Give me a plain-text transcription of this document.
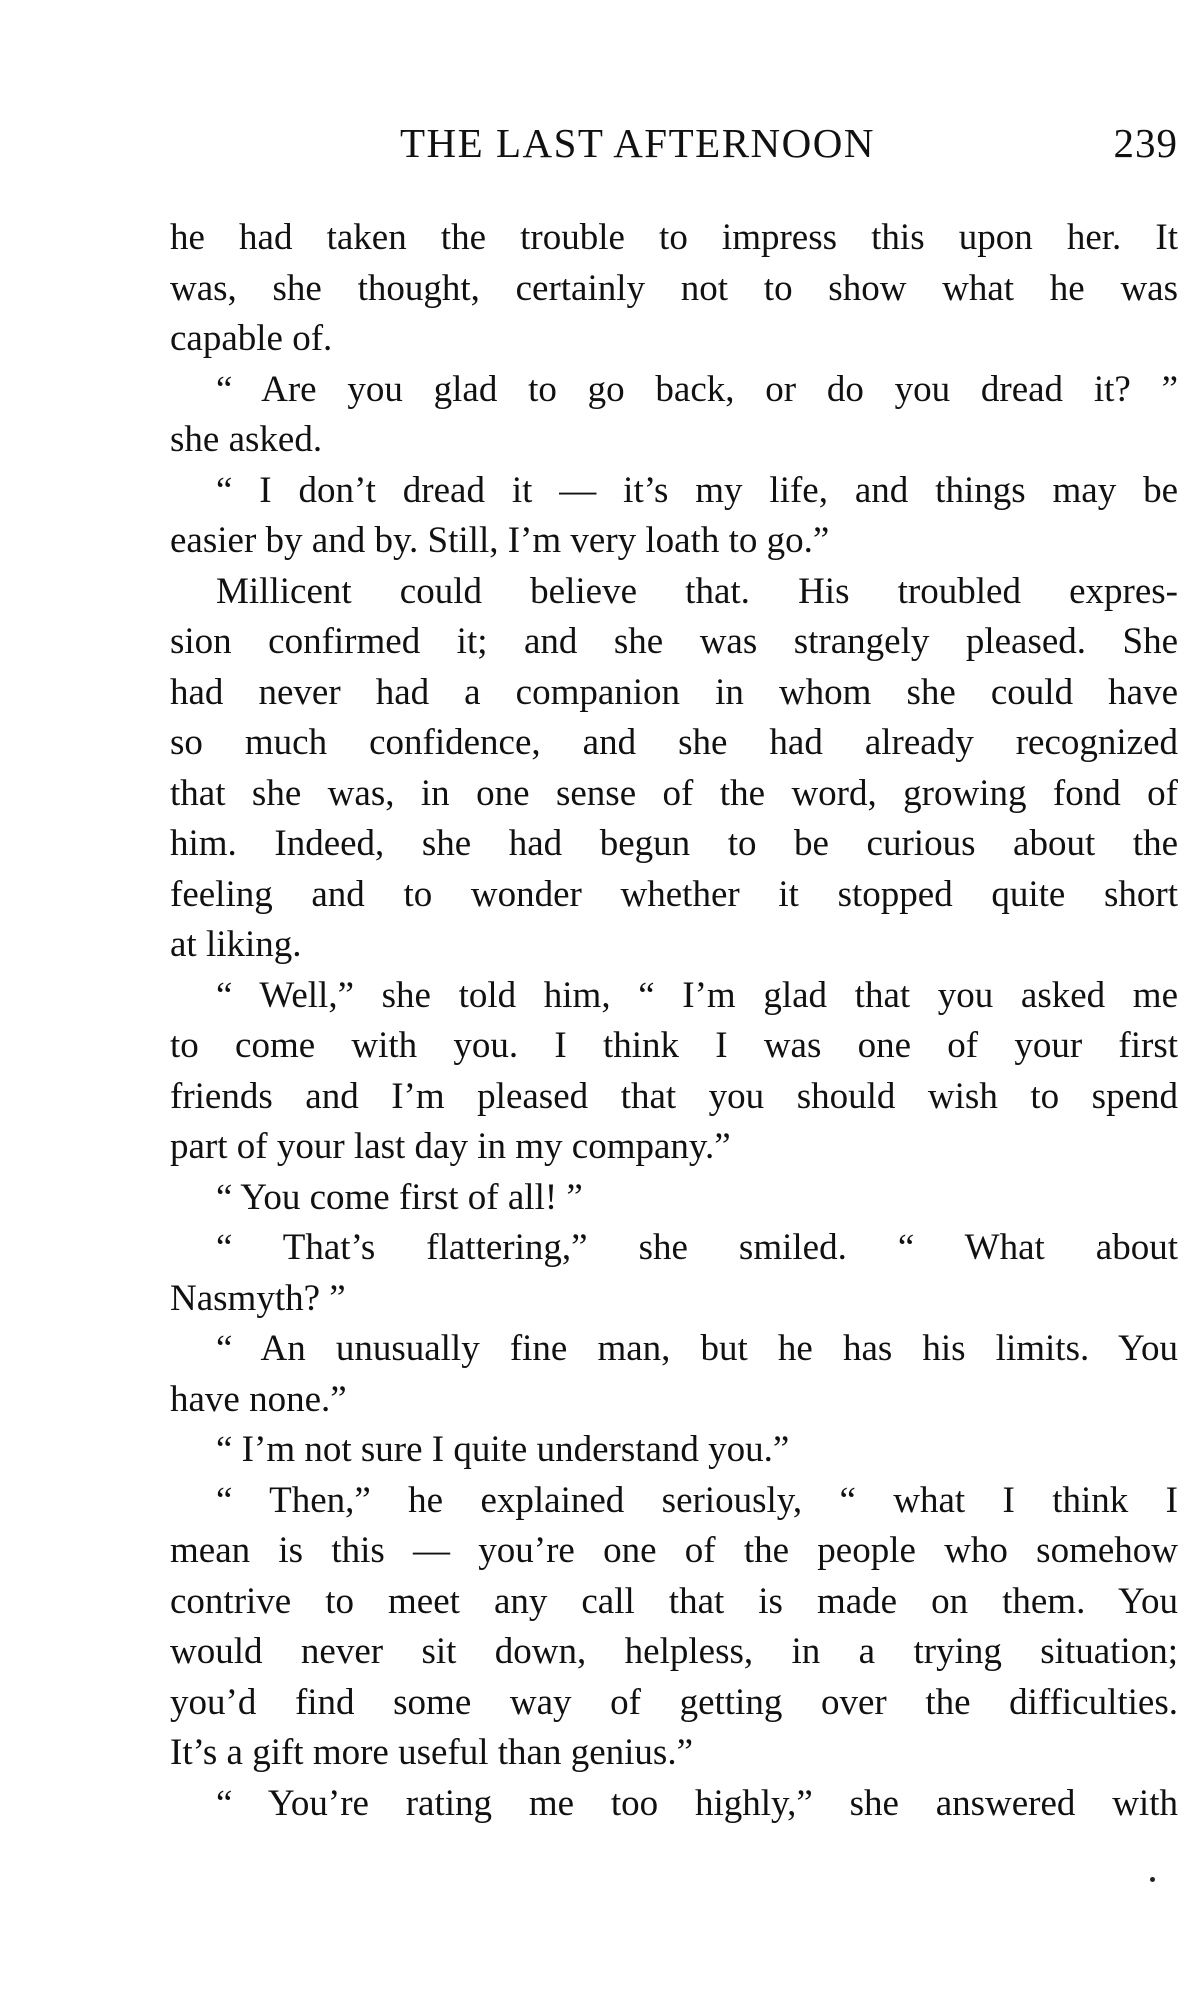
THE LAST AFTERNOON	239
he had taken the trouble to impress this upon her. It
was, she thought, certainly not to show what he was
capable of.
“ Are you glad to go back, or do you dread it? ”
she asked.
“ I don’t dread it — it’s my life, and things may be
easier by and by. Still, I’m very loath to go.”
Millicent could believe that. His troubled expres-
sion confirmed it; and she was strangely pleased. She
had never had a companion in whom she could have
so much confidence, and she had already recognized
that she was, in one sense of the word, growing fond of
him. Indeed, she had begun to be curious about the
feeling and to wonder whether it stopped quite short
at liking.
“ Well,” she told him, “ I’m glad that you asked me
to come with you. I think I was one of your first
friends and I’m pleased that you should wish to spend
part of your last day in my company.”
“ You come first of all! ”
“ That’s flattering,” she smiled. “ What about
Nasmyth? ”
“ An unusually fine man, but he has his limits. You
have none.”
“ I’m not sure I quite understand you.”
“ Then,” he explained seriously, “ what I think I
mean is this — you’re one of the people who somehow
contrive to meet any call that is made on them. You
would never sit down, helpless, in a trying situation;
you’d find some way of getting over the difficulties.
It’s a gift more useful than genius.”
“ You’re rating me too highly,” she answered with
